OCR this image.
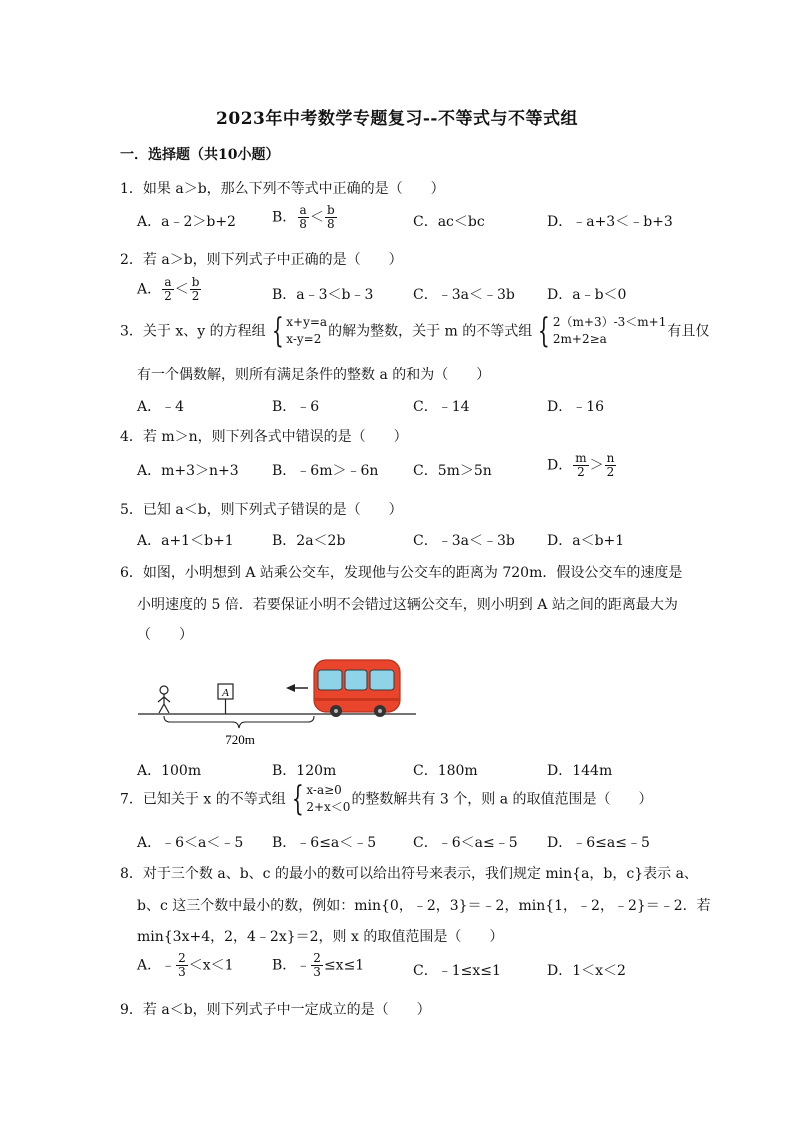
2023年中考数学专题复习--不等式与不等式组
一．选择题（共10小题）
1．如果 a＞b，那么下列不等式中正确的是（　　）
A．a﹣2＞b+2	B． $\frac{a}{8} < \frac{b}{8}$	C．ac＜bc	D．﹣a+3＜﹣b+3
2．若 a＞b，则下列式子中正确的是（　　）
A． $\frac{a}{2} < \frac{b}{2}$	B．a﹣3＜b﹣3	C．﹣3a＜﹣3b D．a﹣b＜0
3．关于 x、y 的方程组 { x+y=a
x-y=2 的解为整数，关于 m 的不等式组 { 2（m+3）-3＜m+1
2m+2≥a	有且仅
有一个偶数解，则所有满足条件的整数 a 的和为（　　）
A．﹣4	B．﹣6	C．﹣14	D．﹣16
4．若 m＞n，则下列各式中错误的是（　　）
A．m+3＞n+3 B．﹣6m＞﹣6n C．5m＞5n	D． $\frac{m}{2} > \frac{n}{2}$
5．已知 a＜b，则下列式子错误的是（　　）
A．a+1＜b+1	B．2a＜2b	C．﹣3a＜﹣3b D．a＜b+1
6．如图，小明想到 A 站乘公交车，发现他与公交车的距离为 720m．假设公交车的速度是
小明速度的 5 倍．若要保证小明不会错过这辆公交车，则小明到 A 站之间的距离最大为
（　　）
A
720m
A．100m	B．120m	C．180m	D．144m
7．已知关于 x 的不等式组 { x-a≥0
2+x＜0 的整数解共有 3 个，则 a 的取值范围是（　　）
A．﹣6＜a＜﹣5 B．﹣6≤a＜﹣5	C．﹣6＜a≤﹣5 D．﹣6≤a≤﹣5
8．对于三个数 a、b、c 的最小的数可以给出符号来表示，我们规定 min{a，b，c}表示 a、
b、c 这三个数中最小的数，例如：min{0，﹣2，3}＝﹣2，min{1，﹣2，﹣2}＝﹣2．若
min{3x+4，2，4﹣2x}＝2，则 x 的取值范围是（　　）
A．﹣ $\frac{2}{3} <x<1$	B．﹣ $\frac{2}{3} \le x\le 1$	C．﹣1≤x≤1	D．1＜x＜2
9．若 a＜b，则下列式子中一定成立的是（　　）
